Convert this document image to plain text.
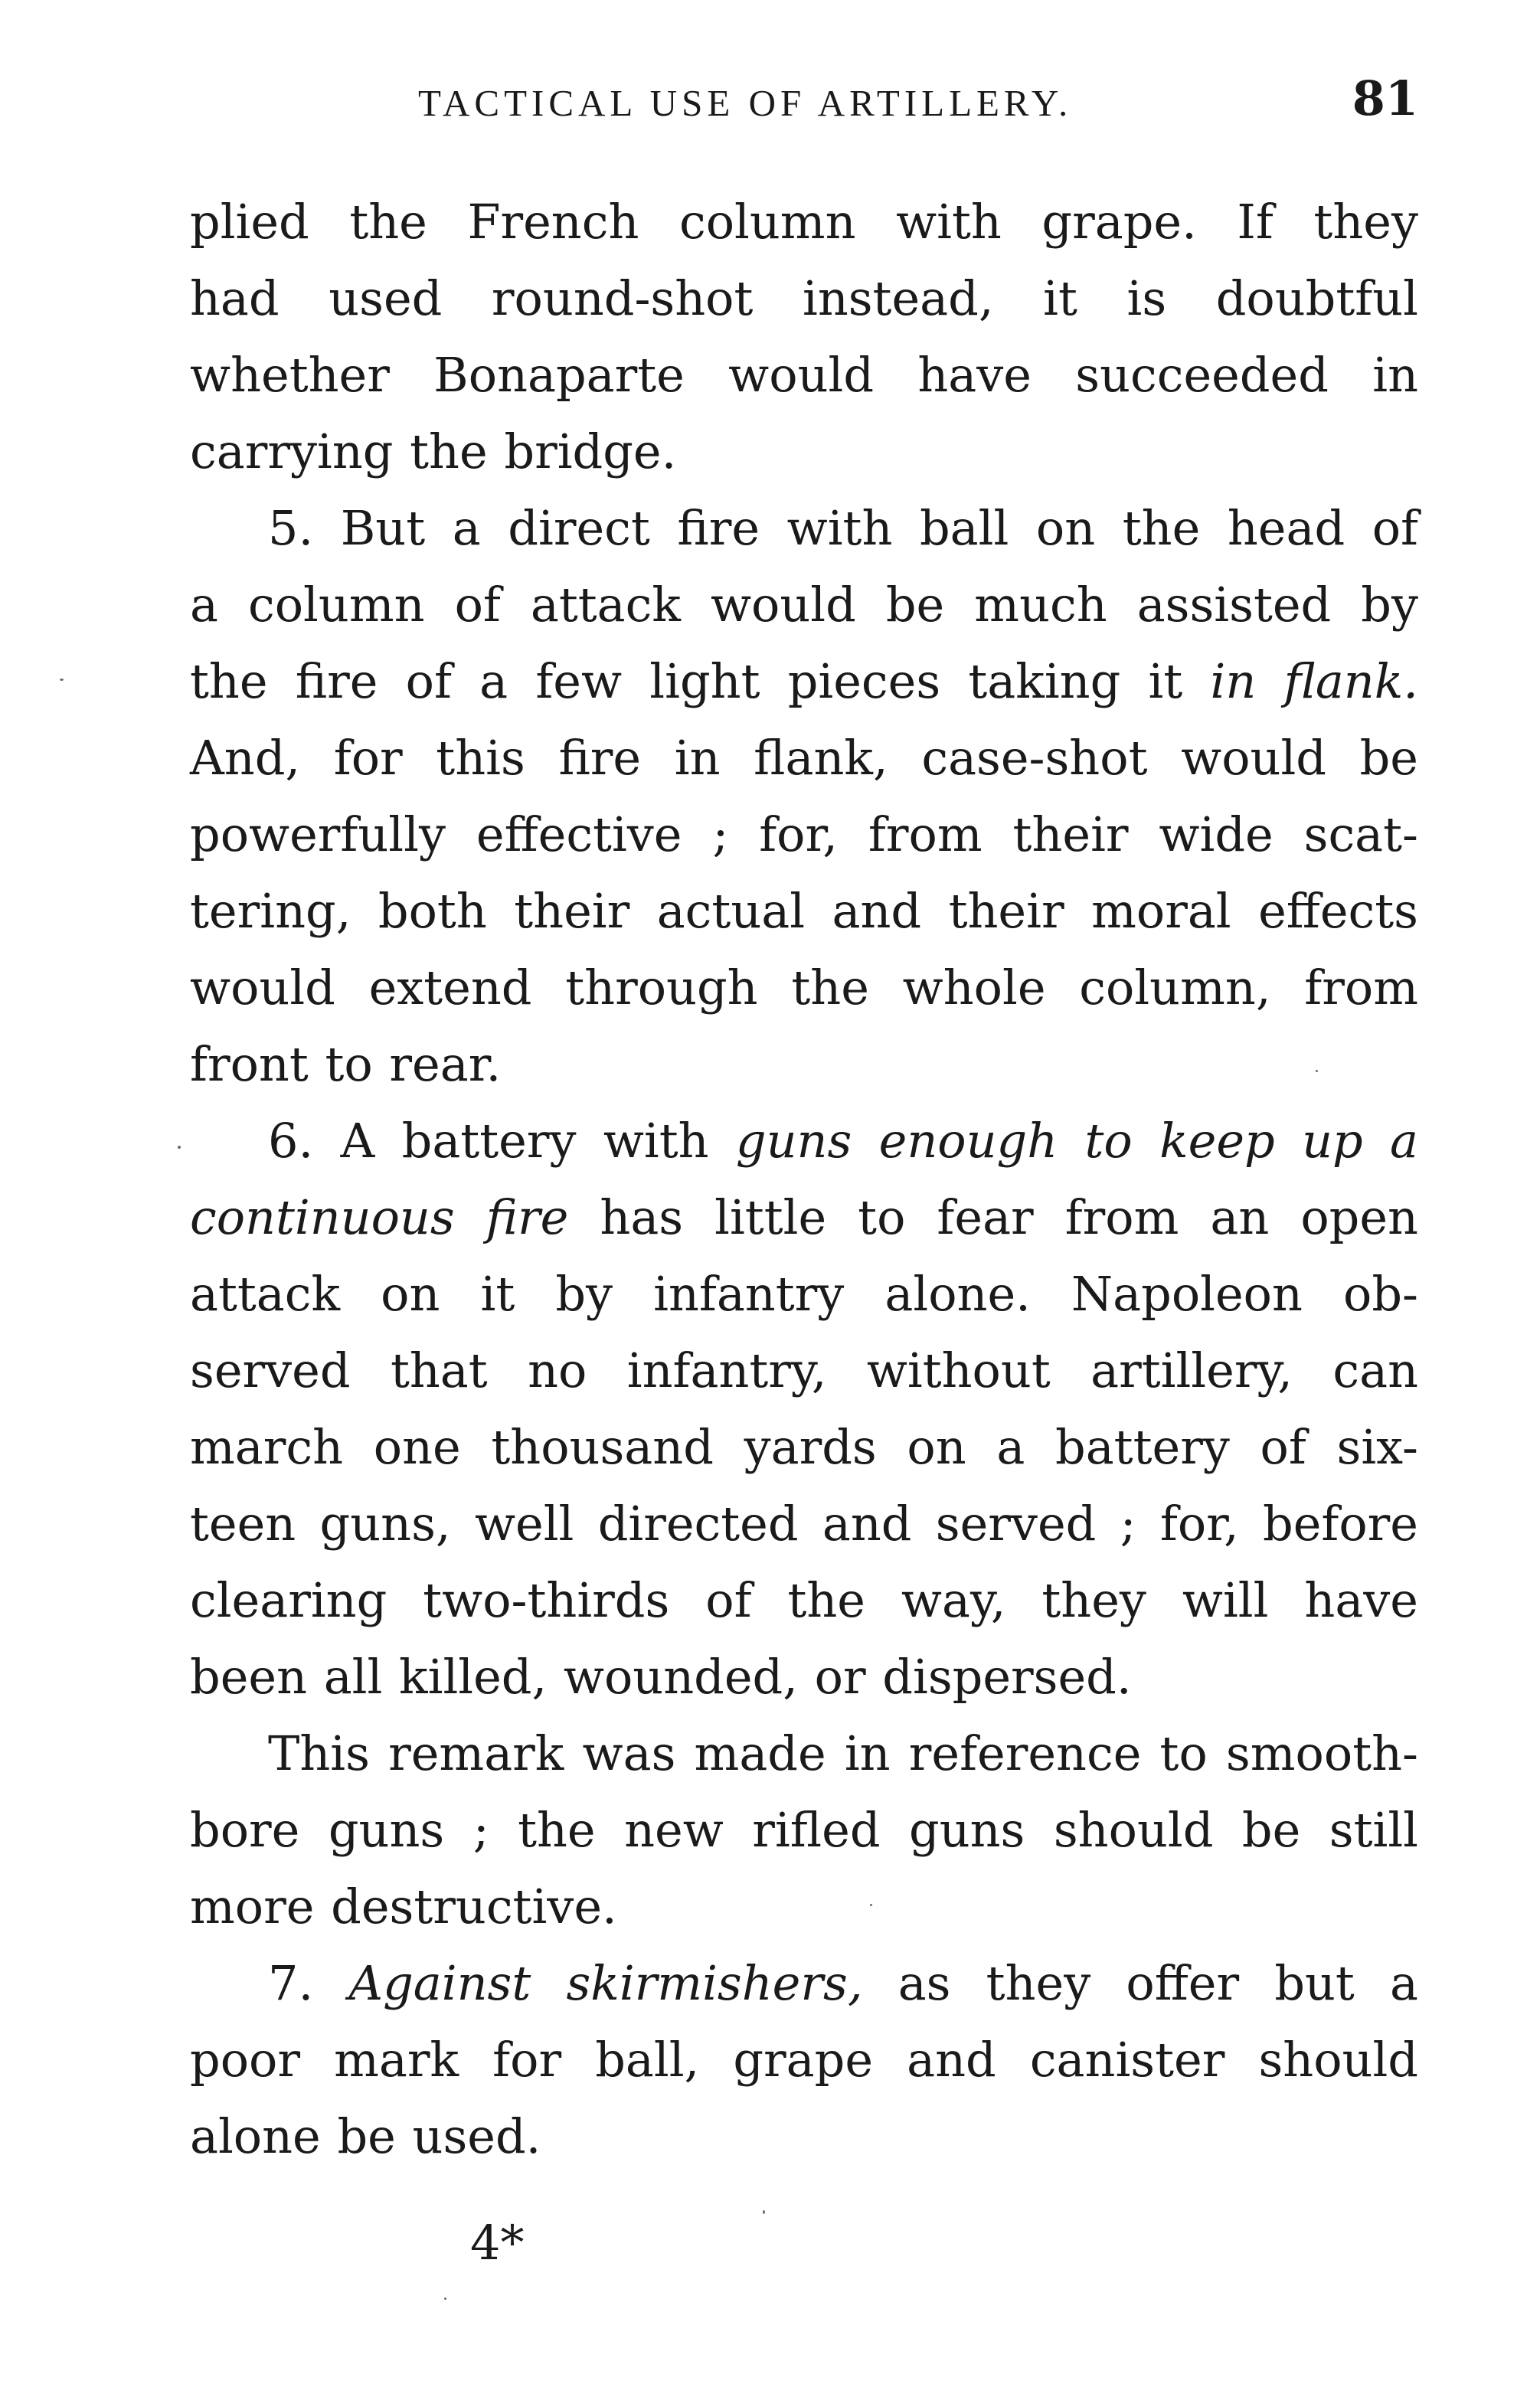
TACTICAL USE OF ARTILLERY.	81
plied the French column with grape. If they
had used round-shot instead, it is doubtful
whether Bonaparte would have succeeded in
carrying the bridge.
5. But a direct fire with ball on the head of
a column of attack would be much assisted by
the fire of a few light pieces taking it in flank.
And, for this fire in flank, case-shot would be
powerfully effective ; for, from their wide scat-
tering, both their actual and their moral effects
would extend through the whole column, from
front to rear.
6. A battery with guns enough to keep up a
continuous fire has little to fear from an open
attack on it by infantry alone. Napoleon ob-
served that no infantry, without artillery, can
march one thousand yards on a battery of six-
teen guns, well directed and served ; for, before
clearing two-thirds of the way, they will have
been all killed, wounded, or dispersed.
This remark was made in reference to smooth-
bore guns ; the new rifled guns should be still
more destructive.
7. Against skirmishers, as they offer but a
poor mark for ball, grape and canister should
alone be used.
4*
